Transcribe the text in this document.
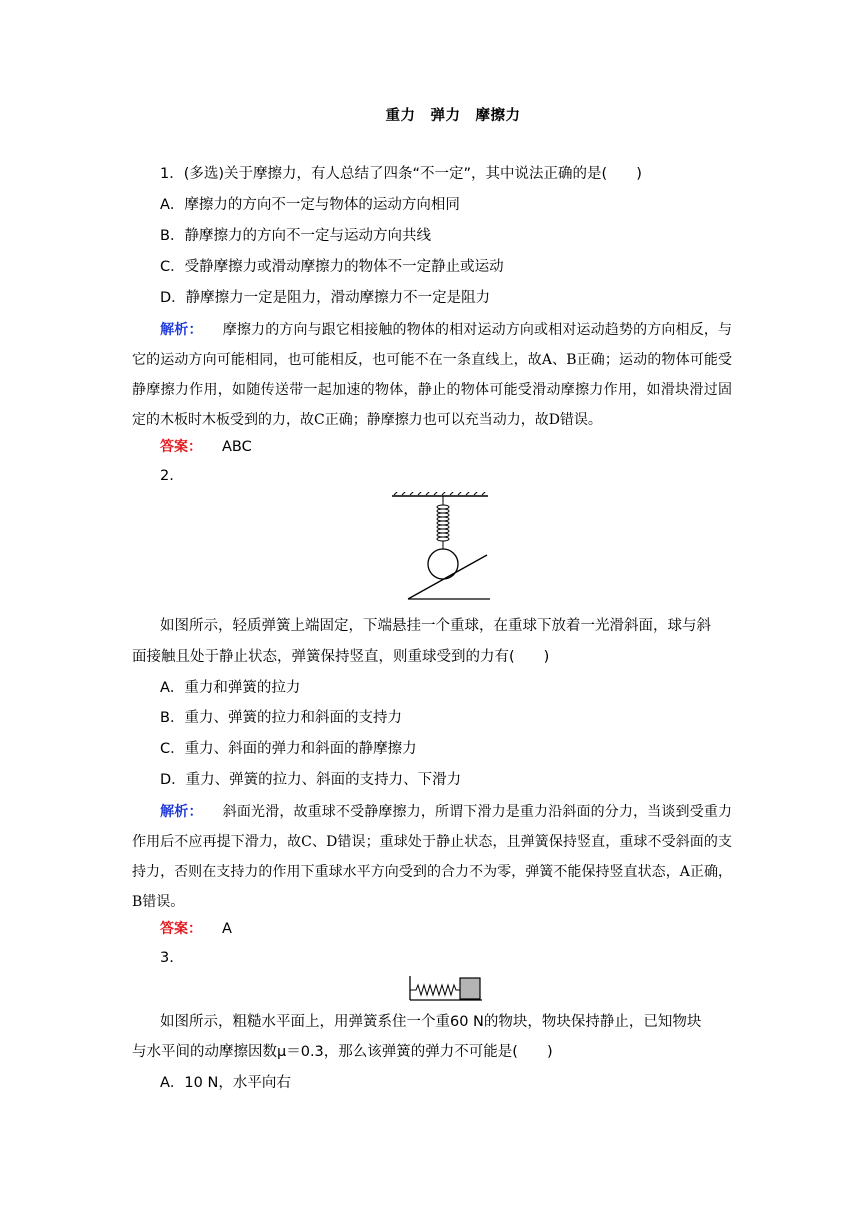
重力　弹力　摩擦力
1．(多选)关于摩擦力，有人总结了四条“不一定”，其中说法正确的是(　　)
A．摩擦力的方向不一定与物体的运动方向相同
B．静摩擦力的方向不一定与运动方向共线
C．受静摩擦力或滑动摩擦力的物体不一定静止或运动
D．静摩擦力一定是阻力，滑动摩擦力不一定是阻力
解析： 摩擦力的方向与跟它相接触的物体的相对运动方向或相对运动趋势的方向相反，与它的运动方向可能相同，也可能相反，也可能不在一条直线上，故A、B正确；运动的物体可能受静摩擦力作用，如随传送带一起加速的物体，静止的物体可能受滑动摩擦力作用，如滑块滑过固定的木板时木板受到的力，故C正确；静摩擦力也可以充当动力，故D错误。
答案： ABC
2.
如图所示，轻质弹簧上端固定，下端悬挂一个重球，在重球下放着一光滑斜面，球与斜
面接触且处于静止状态，弹簧保持竖直，则重球受到的力有(　　)
A．重力和弹簧的拉力
B．重力、弹簧的拉力和斜面的支持力
C．重力、斜面的弹力和斜面的静摩擦力
D．重力、弹簧的拉力、斜面的支持力、下滑力
解析： 斜面光滑，故重球不受静摩擦力，所谓下滑力是重力沿斜面的分力，当谈到受重力作用后不应再提下滑力，故C、D错误；重球处于静止状态，且弹簧保持竖直，重球不受斜面的支持力，否则在支持力的作用下重球水平方向受到的合力不为零，弹簧不能保持竖直状态，A正确，B错误。
答案： A
3.
如图所示，粗糙水平面上，用弹簧系住一个重60 N的物块，物块保持静止，已知物块
与水平间的动摩擦因数μ＝0.3，那么该弹簧的弹力不可能是(　　)
A．10 N，水平向右
